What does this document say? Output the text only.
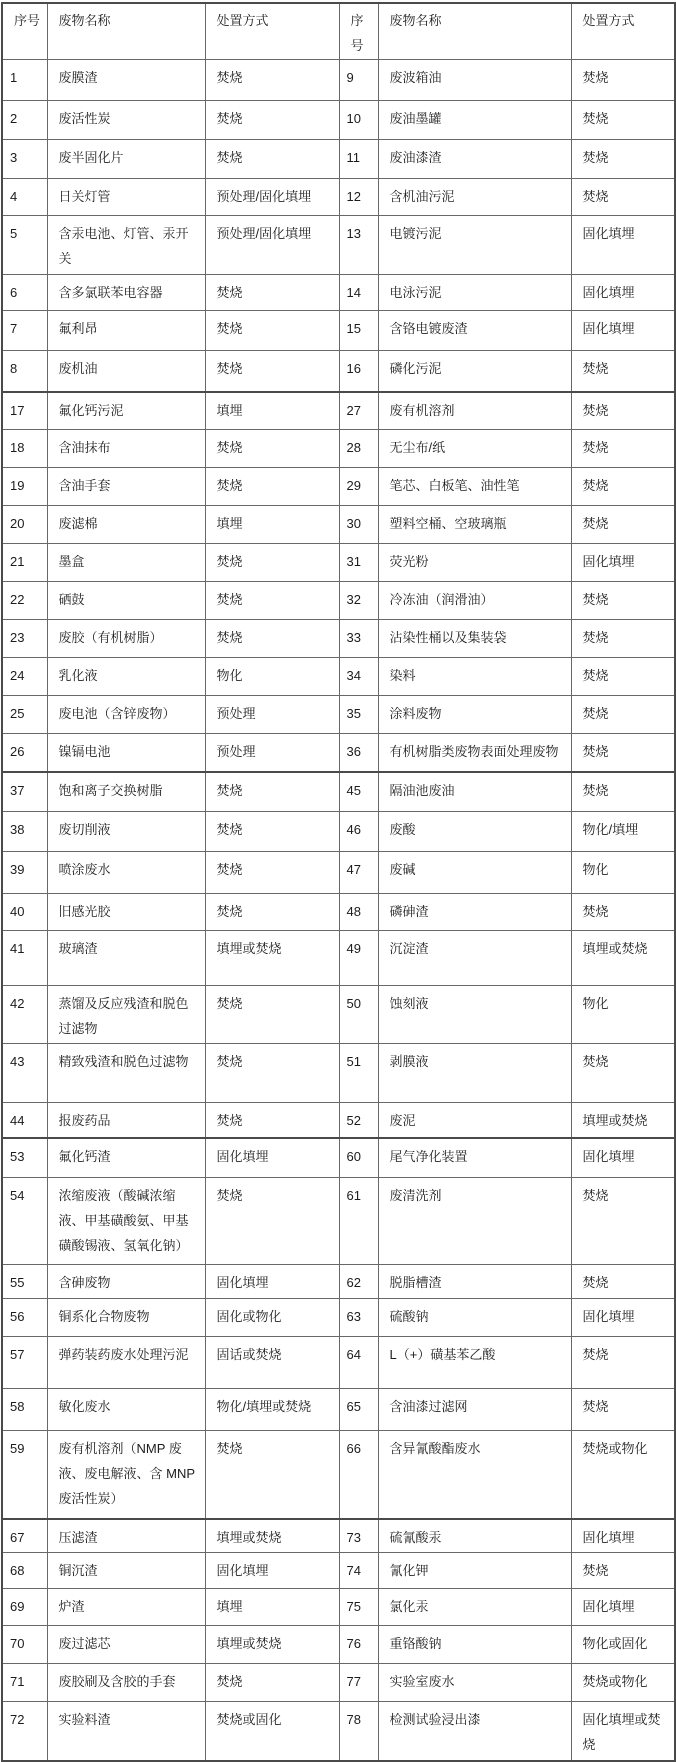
序号	废物名称	处置方式	序号	废物名称	处置方式
1	废膜渣	焚烧	9	废波箱油	焚烧
2	废活性炭	焚烧	10	废油墨罐	焚烧
3	废半固化片	焚烧	11	废油漆渣	焚烧
4	日关灯管	预处理/固化填埋	12	含机油污泥	焚烧
5	含汞电池、灯管、汞开关	预处理/固化填埋	13	电镀污泥	固化填埋
6	含多氯联苯电容器	焚烧	14	电泳污泥	固化填埋
7	氟利昂	焚烧	15	含铬电镀废渣	固化填埋
8	废机油	焚烧	16	磷化污泥	焚烧
17	氟化钙污泥	填埋	27	废有机溶剂	焚烧
18	含油抹布	焚烧	28	无尘布/纸	焚烧
19	含油手套	焚烧	29	笔芯、白板笔、油性笔	焚烧
20	废滤棉	填埋	30	塑料空桶、空玻璃瓶	焚烧
21	墨盒	焚烧	31	荧光粉	固化填埋
22	硒鼓	焚烧	32	冷冻油（润滑油）	焚烧
23	废胶（有机树脂）	焚烧	33	沾染性桶以及集装袋	焚烧
24	乳化液	物化	34	染料	焚烧
25	废电池（含锌废物）	预处理	35	涂料废物	焚烧
26	镍镉电池	预处理	36	有机树脂类废物表面处理废物	焚烧
37	饱和离子交换树脂	焚烧	45	隔油池废油	焚烧
38	废切削液	焚烧	46	废酸	物化/填埋
39	喷涂废水	焚烧	47	废碱	物化
40	旧感光胶	焚烧	48	磷砷渣	焚烧
41	玻璃渣	填埋或焚烧	49	沉淀渣	填埋或焚烧
42	蒸馏及反应残渣和脱色过滤物	焚烧	50	蚀刻液	物化
43	精致残渣和脱色过滤物	焚烧	51	剥膜液	焚烧
44	报废药品	焚烧	52	废泥	填埋或焚烧
53	氟化钙渣	固化填埋	60	尾气净化装置	固化填埋
54	浓缩废液（酸碱浓缩液、甲基磺酸氨、甲基磺酸锡液、氢氧化钠）	焚烧	61	废清洗剂	焚烧
55	含砷废物	固化填埋	62	脱脂槽渣	焚烧
56	铜系化合物废物	固化或物化	63	硫酸钠	固化填埋
57	弹药装药废水处理污泥	固话或焚烧	64	L（+）磺基苯乙酸	焚烧
58	敏化废水	物化/填埋或焚烧	65	含油漆过滤网	焚烧
59	废有机溶剂（NMP 废液、废电解液、含 MNP 废活性炭）	焚烧	66	含异氰酸酯废水	焚烧或物化
67	压滤渣	填埋或焚烧	73	硫氰酸汞	固化填埋
68	铜沉渣	固化填埋	74	氰化钾	焚烧
69	炉渣	填埋	75	氯化汞	固化填埋
70	废过滤芯	填埋或焚烧	76	重铬酸钠	物化或固化
71	废胶刷及含胶的手套	焚烧	77	实验室废水	焚烧或物化
72	实验料渣	焚烧或固化	78	检测试验浸出漆	固化填埋或焚烧
